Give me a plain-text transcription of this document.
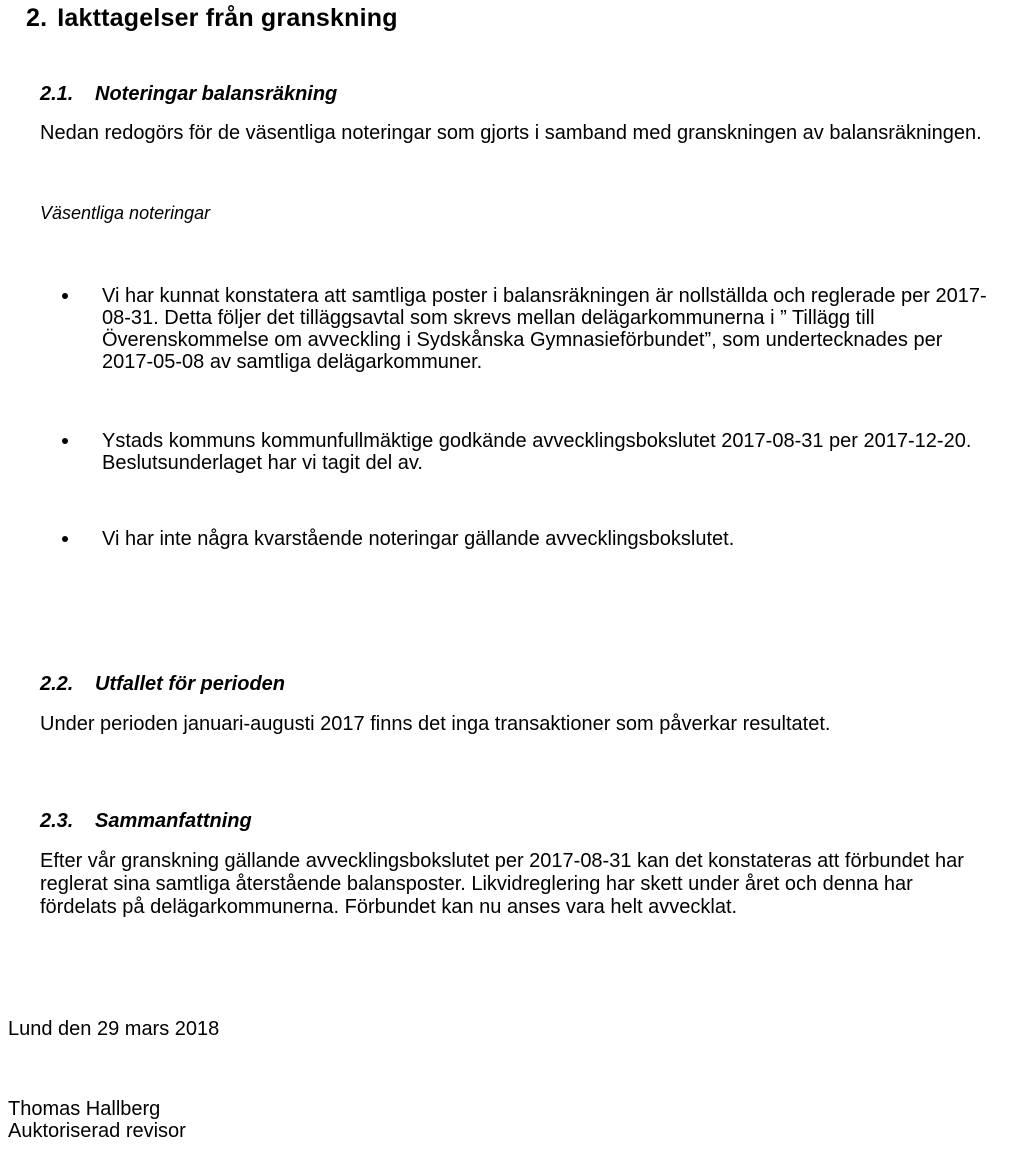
2. Iakttagelser från granskning
2.1. Noteringar balansräkning

Nedan redogörs för de väsentliga noteringar som gjorts i samband med granskningen av balansräkningen.

Väsentliga noteringar

Vi har kunnat konstatera att samtliga poster i balansräkningen är nollställda och reglerade per 2017-08-31. Detta följer det tilläggsavtal som skrevs mellan delägarkommunerna i ” Tillägg till Överenskommelse om avveckling i Sydskånska Gymnasieförbundet”, som undertecknades per 2017-05-08 av samtliga delägarkommuner.
Ystads kommuns kommunfullmäktige godkände avvecklingsbokslutet 2017-08-31 per 2017-12-20. Beslutsunderlaget har vi tagit del av.
Vi har inte några kvarstående noteringar gällande avvecklingsbokslutet.
2.2. Utfallet för perioden

Under perioden januari-augusti 2017 finns det inga transaktioner som påverkar resultatet.

2.3. Sammanfattning

Efter vår granskning gällande avvecklingsbokslutet per 2017-08-31 kan det konstateras att förbundet har reglerat sina samtliga återstående balansposter. Likvidreglering har skett under året och denna har fördelats på delägarkommunerna. Förbundet kan nu anses vara helt avvecklat.

Lund den 29 mars 2018

Thomas Hallberg

Auktoriserad revisor
